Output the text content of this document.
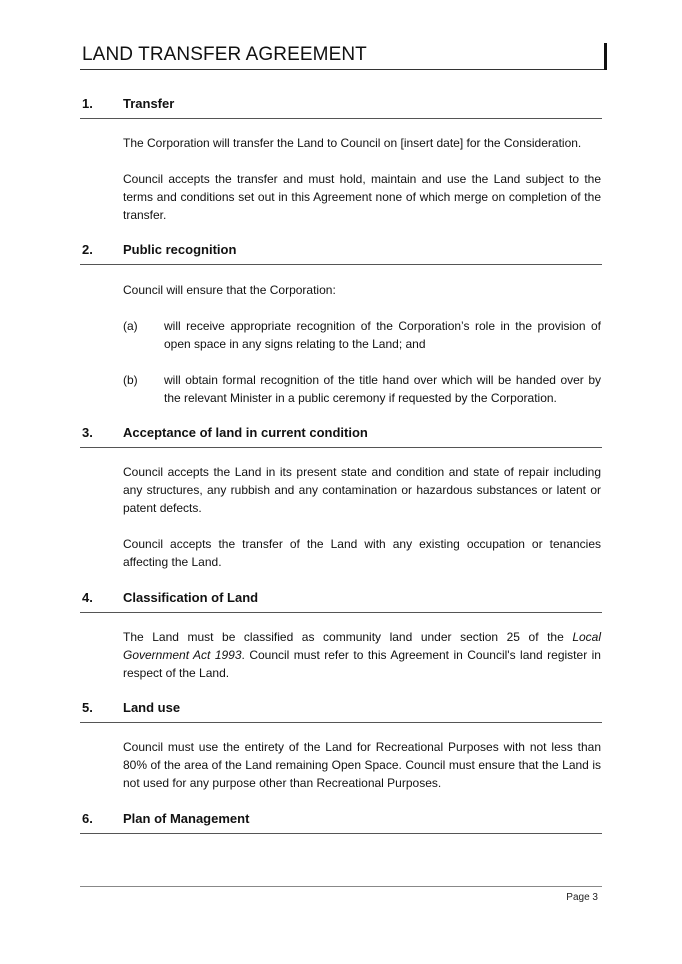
LAND TRANSFER AGREEMENT
1. Transfer
The Corporation will transfer the Land to Council on [insert date] for the Consideration.
Council accepts the transfer and must hold, maintain and use the Land subject to the terms and conditions set out in this Agreement none of which merge on completion of the transfer.
2. Public recognition
Council will ensure that the Corporation:
(a) will receive appropriate recognition of the Corporation’s role in the provision of open space in any signs relating to the Land; and
(b) will obtain formal recognition of the title hand over which will be handed over by the relevant Minister in a public ceremony if requested by the Corporation.
3. Acceptance of land in current condition
Council accepts the Land in its present state and condition and state of repair including any structures, any rubbish and any contamination or hazardous substances or latent or patent defects.
Council accepts the transfer of the Land with any existing occupation or tenancies affecting the Land.
4. Classification of Land
The Land must be classified as community land under section 25 of the Local Government Act 1993. Council must refer to this Agreement in Council's land register in respect of the Land.
5. Land use
Council must use the entirety of the Land for Recreational Purposes with not less than 80% of the area of the Land remaining Open Space. Council must ensure that the Land is not used for any purpose other than Recreational Purposes.
6. Plan of Management
Page 3
